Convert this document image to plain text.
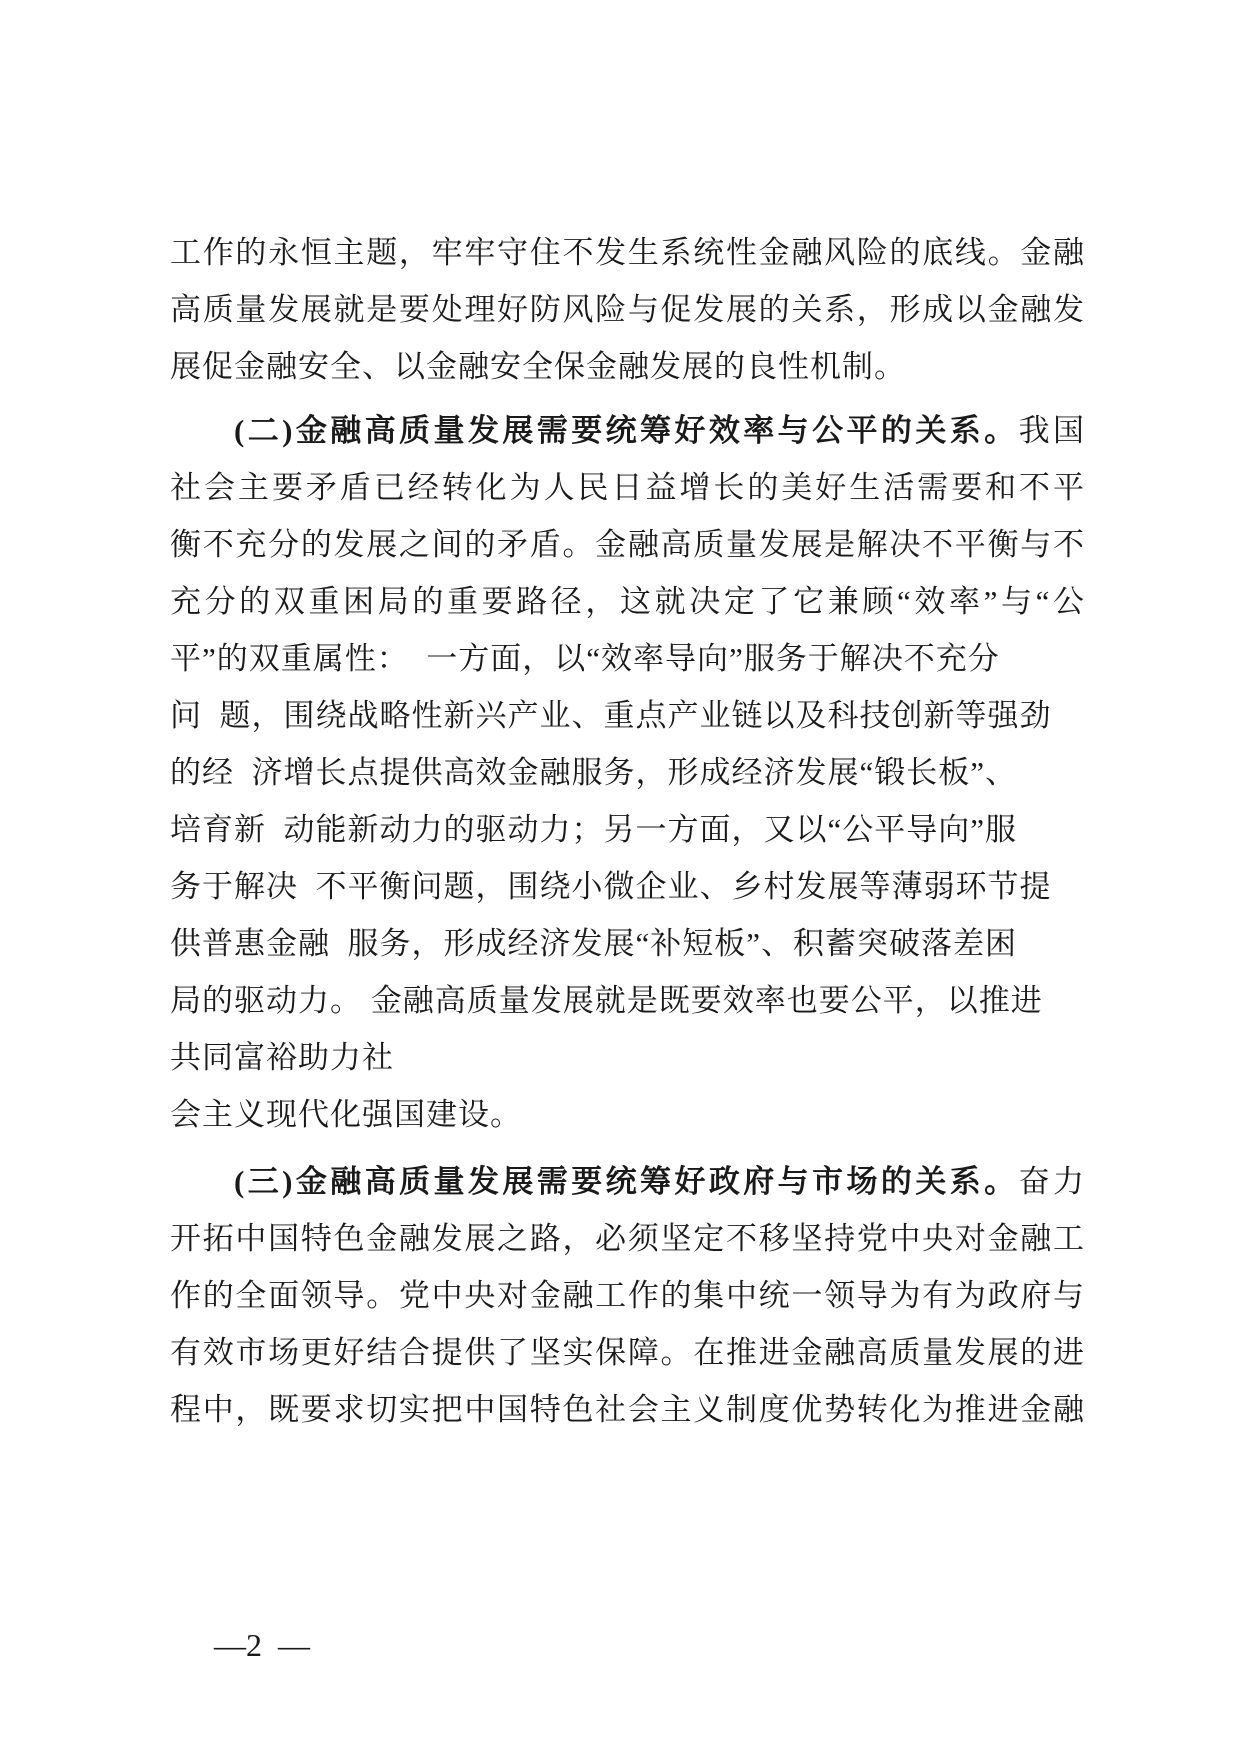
工作的永恒主题，牢牢守住不发生系统性金融风险的底线。金融
高质量发展就是要处理好防风险与促发展的关系，形成以金融发
展促金融安全、以金融安全保金融发展的良性机制。
(二)金融高质量发展需要统筹好效率与公平的关系。我国
社会主要矛盾已经转化为人民日益增长的美好生活需要和不平
衡不充分的发展之间的矛盾。金融高质量发展是解决不平衡与不
充分的双重困局的重要路径，这就决定了它兼顾“效率”与“公
平”的双重属性：  一方面，以“效率导向”服务于解决不充分
问  题，围绕战略性新兴产业、重点产业链以及科技创新等强劲
的经  济增长点提供高效金融服务，形成经济发展“锻长板”、
培育新  动能新动力的驱动力；另一方面，又以“公平导向”服
务于解决  不平衡问题，围绕小微企业、乡村发展等薄弱环节提
供普惠金融  服务，形成经济发展“补短板”、积蓄突破落差困
局的驱动力。 金融高质量发展就是既要效率也要公平，以推进
共同富裕助力社
会主义现代化强国建设。
(三)金融高质量发展需要统筹好政府与市场的关系。奋力
开拓中国特色金融发展之路，必须坚定不移坚持党中央对金融工
作的全面领导。党中央对金融工作的集中统一领导为有为政府与
有效市场更好结合提供了坚实保障。在推进金融高质量发展的进
程中，既要求切实把中国特色社会主义制度优势转化为推进金融
—2  —
